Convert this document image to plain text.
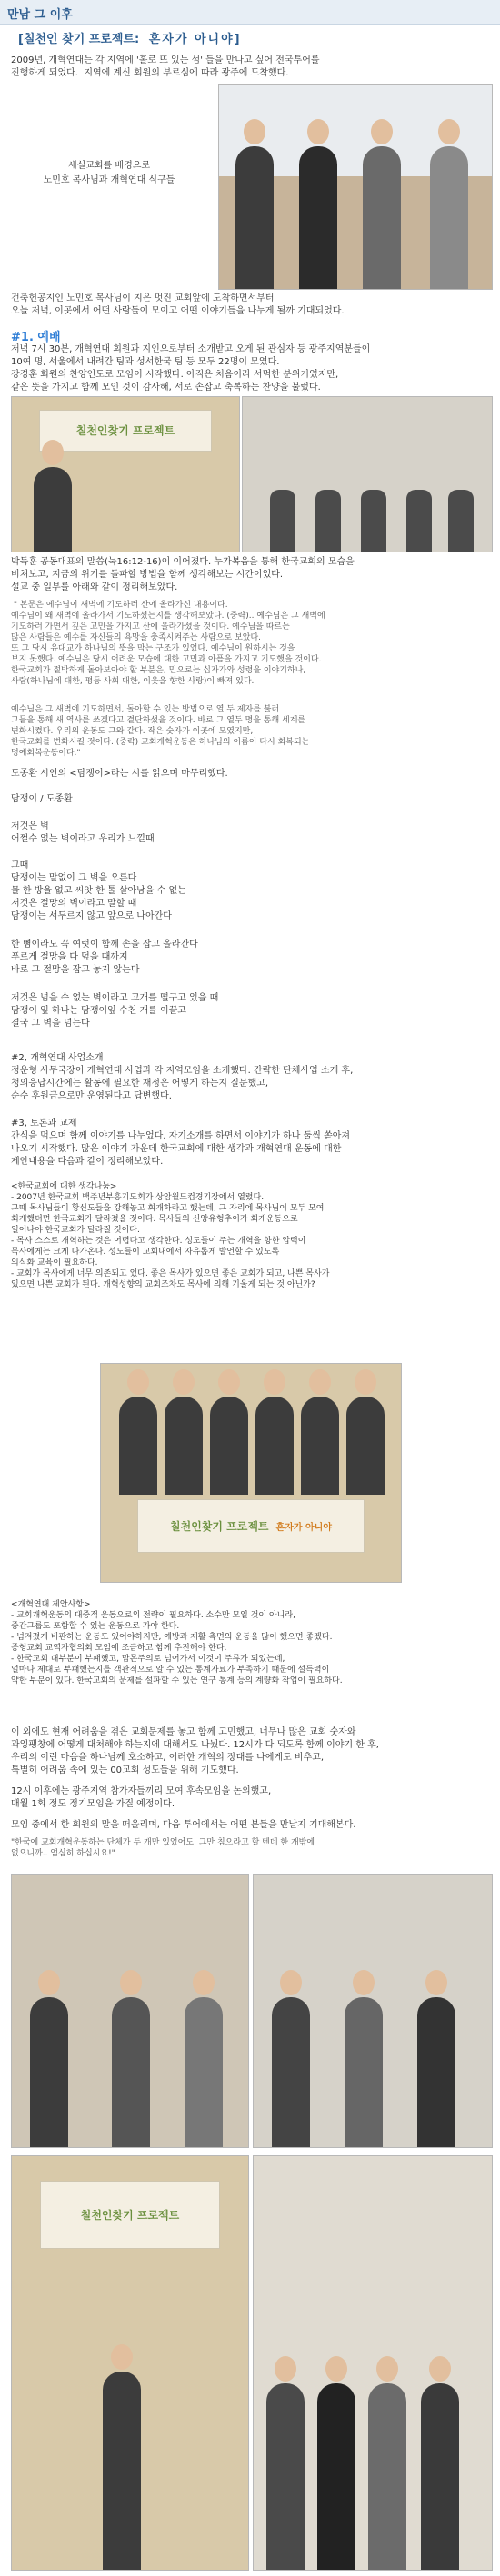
만남 그 이후
[칠천인 찾기 프로젝트: 혼자가 아니야]
2009년, 개혁연대는 각 지역에 '홀로 뜨 있는 섬' 들을 만나고 싶어 전국투어를
진행하게 되었다.  지역에 계신 회원의 부르심에 따라 광주에 도착했다.
새실교회를 배경으로
노민호 목사님과 개혁연대 식구들
건축헌공지인 노민호 목사님이 지은 멋진 교회앞에 도착하면서부터
오늘 저녁, 이곳에서 어떤 사람들이 모이고 어떤 이야기들을 나누게 될까 기대되었다.
#1. 예배
저녁 7시 30분, 개혁연대 회원과 지인으로부터 소개받고 오게 된 관심자 등 광주지역분들이
10여 명, 서울에서 내려간 팀과 성서한국 팀 등 모두 22명이 모였다.
강경훈 회원의 찬양인도로 모임이 시작했다. 아직은 처음이라 서먹한 분위기였지만,
같은 뜻을 가지고 함께 모인 것이 감사해, 서로 손잡고 축복하는 찬양을 불렀다.
칠천인찾기 프로젝트
박득훈 공동대표의 말씀(눅16:12-16)이 이어졌다. 누가복음을 통해 한국교회의 모습을
비쳐보고, 지금의 위기를 돌파할 방법을 함께 생각해보는 시간이었다.
설교 중 일부를 아래와 같이 정리해보았다.
" 본문은 예수님이 새벽에 기도하러 산에 올라가신 내용이다.
예수님이 왜 새벽에 올라가서 기도하셨는지를 생각해보았다. (중략).. 예수님은 그 새벽에
기도하러 가면서 깊은 고민을 가지고 산에 올라가셨을 것이다. 예수님을 따르는
많은 사람들은 예수를 자신들의 욕망을 충족시켜주는 사람으로 보았다.
또 그 당시 유대교가 하나님의 뜻을 막는 구조가 있었다. 예수님이 원하시는 것을
보지 못했다. 예수님은 당시 어려운 모습에 대한 고민과 아픔을 가지고 기도했을 것이다.
한국교회가 절박하게 돌아보아야 할 부분은, 믿으로는 십자가와 성령을 이야기하나,
사람(하나님에 대한, 평등 사회 대한, 이웃을 향한 사랑)이 빠져 있다.
예수님은 그 새벽에 기도하면서, 돌아할 수 있는 방법으로 열 두 제자를 불러
그들을 통해 새 역사를 쓰겠다고 결단하셨을 것이다. 바로 그 열두 명을 통해 세계를
변화시켰다. 우리의 운동도 그와 같다. 작은 숫자가 이곳에 모였지만,
한국교회를 변화시킬 것이다. (중략) 교회개혁운동은 하나님의 이름이 다시 회복되는
명예회복운동이다."
도종환 시인의 <담쟁이>라는 시를 읽으며 마무리했다.
담쟁이 / 도종환
저것은 벽
어쩔수 없는 벽이라고 우리가 느낄때
그때
담쟁이는 말없이 그 벽을 오른다
물 한 방울 없고 씨앗 한 톨 살아남을 수 없는
저것은 절망의 벽이라고 말할 때
담쟁이는 서두르지 않고 앞으로 나아간다
한 뼘이라도 꼭 여럿이 함께 손을 잡고 올라간다
푸르게 절망을 다 덮을 때까지
바로 그 절망을 잡고 놓지 않는다
저것은 넘을 수 없는 벽이라고 고개를 떨구고 있을 때
담쟁이 잎 하나는 담쟁이잎 수천 개를 이끌고
결국 그 벽을 넘는다
#2, 개혁연대 사업소개
정운형 사무국장이 개혁연대 사업과 각 지역모임을 소개했다. 간략한 단체사업 소개 후,
청의응답시간에는 활동에 필요한 재정은 어떻게 하는지 질문했고,
순수 후원금으로만 운영된다고 답변했다.
#3, 토론과 교제
간식을 먹으며 함께 이야기를 나누었다. 자기소개를 하면서 이야기가 하나 둘씩 쏟아져
나오기 시작했다. 많은 이야기 가운데 한국교회에 대한 생각과 개혁연대 운동에 대한
제안내용을 다음과 같이 정리해보았다.
<한국교회에 대한 생각나눔>
- 2007년 한국교회 백주년부흥기도회가 상암월드컵경기장에서 열렸다.
그때 목사님들이 황신도들을 강해놓고 회개하라고 했는데, 그 자리에 목사님이 모두 모여
회개했더면 한국교회가 달라졌을 것이다. 목사들의 신앙유형추이가 회개운동으로
일어나야 한국교회가 달라질 것이다.
- 목사 스스로 개혁하는 것은 어렵다고 생각한다. 성도들이 주는 개혁을 향한 압력이
목사에게는 크게 다가온다. 성도들이 교회내에서 자유롭게 발언할 수 있도록
의식화 교육이 필요하다.
- 교회가 목사에게 너무 의존되고 있다. 좋은 목사가 있으면 좋은 교회가 되고, 나쁜 목사가
있으면 나쁜 교회가 된다. 개혁성향의 교회조차도 목사에 의해 기울게 되는 것 아닌가?
칠천인찾기 프로젝트 혼자가 아니야
<개혁연대 제안사항>
- 교회개혁운동의 대중적 운동으로의 전략이 필요하다. 소수만 모일 것이 아니라,
중간그룹도 포함할 수 있는 운동으로 가야 한다.
- 넘겨졌게 비판하는 운동도 있어야하지만, 예방과 재활 측면의 운동을 많이 했으면 좋겠다.
종형교회 교역자협의회 모임에 조금하고 함께 추진해야 한다.
- 한국교회 대부분이 부패했고, 맘몬주의로 넘어가서 이것이 주류가 되었는데,
얼마나 제대로 부패했는지를 객관적으로 알 수 있는 통계자료가 부족하기 때문에 설득력이
약한 부분이 있다. 한국교회의 문제를 설파할 수 있는 연구 통계 등의 계량화 작업이 필요하다.
이 외에도 현재 어려움을 겪은 교회문제를 놓고 함께 고민했고, 너무나 많은 교회 숫자와
과잉팽창에 어떻게 대처해야 하는지에 대해서도 나눴다. 12시가 다 되도록 함께 이야기 한 후,
우리의 이런 마음을 하나님께 호소하고, 이러한 개혁의 장대를 나에게도 비추고,
특별히 어려움 속에 있는 00교회 성도들을 위해 기도했다.
12시 이후에는 광주지역 참가자들끼리 모여 후속모임을 논의했고,
매월 1회 정도 정기모임을 가질 예정이다.
모임 중에서 한 회원의 말을 떠올리며, 다음 투어에서는 어떤 분들을 만날지 기대해본다.
"한국에 교회개혁운동하는 단체가 두 개만 있었어도, 그만 침으라고 할 텐데 한 개밖에
없으니까.. 엄심히 하십시요!"
칠천인찾기 프로젝트
